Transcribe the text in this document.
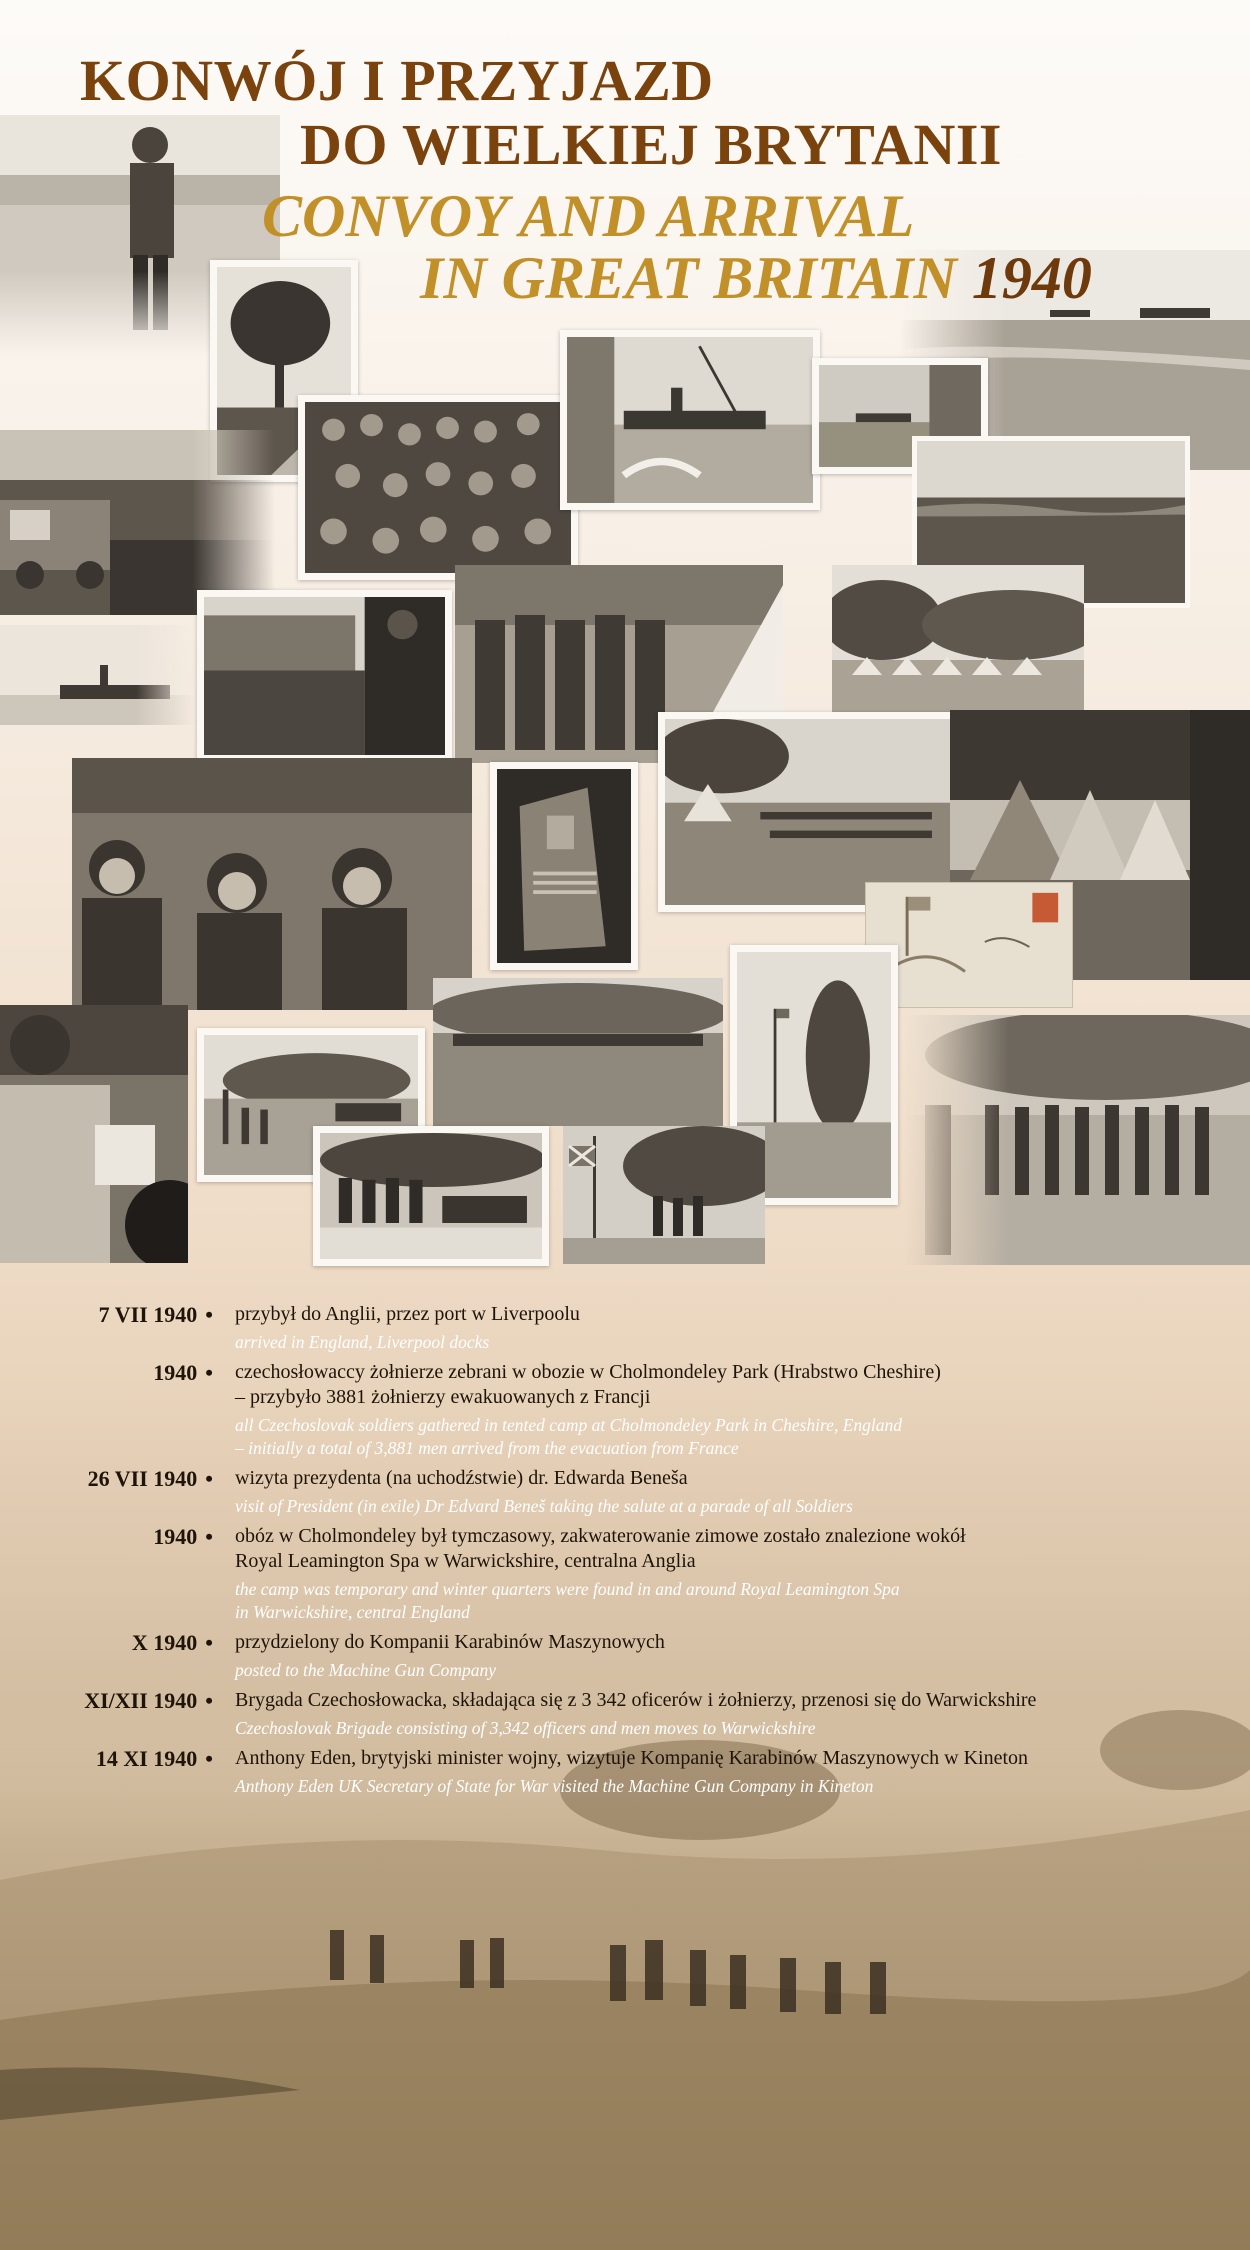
KONWÓJ I PRZYJAZD
DO WIELKIEJ BRYTANII
CONVOY AND ARRIVAL
IN GREAT BRITAIN 1940
7 VII 1940 • przybył do Anglii, przez port w Liverpoolu
arrived in England, Liverpool docks
1940 • czechosłowaccy żołnierze zebrani w obozie w Cholmondeley Park (Hrabstwo Cheshire)
– przybyło 3881 żołnierzy ewakuowanych z Francji
all Czechoslovak soldiers gathered in tented camp at Cholmondeley Park in Cheshire, England
– initially a total of 3,881 men arrived from the evacuation from France
26 VII 1940 • wizyta prezydenta (na uchodźstwie) dr. Edwarda Beneša
visit of President (in exile) Dr Edvard Beneš taking the salute at a parade of all Soldiers
1940 • obóz w Cholmondeley był tymczasowy, zakwaterowanie zimowe zostało znalezione wokół
Royal Leamington Spa w Warwickshire, centralna Anglia
the camp was temporary and winter quarters were found in and around Royal Leamington Spa
in Warwickshire, central England
X 1940 • przydzielony do Kompanii Karabinów Maszynowych
posted to the Machine Gun Company
XI/XII 1940 • Brygada Czechosłowacka, składająca się z 3 342 oficerów i żołnierzy, przenosi się do Warwickshire
Czechoslovak Brigade consisting of 3,342 officers and men moves to Warwickshire
14 XI 1940 • Anthony Eden, brytyjski minister wojny, wizytuje Kompanię Karabinów Maszynowych w Kineton
Anthony Eden UK Secretary of State for War visited the Machine Gun Company in Kineton
